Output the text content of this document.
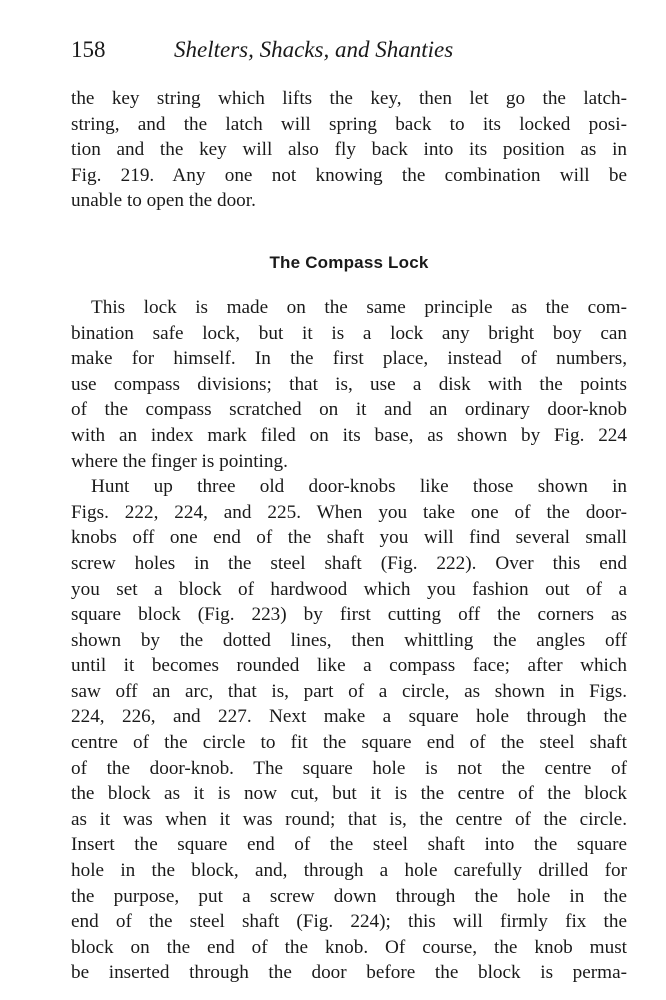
158	Shelters, Shacks, and Shanties
the key string which lifts the key, then let go the latch-
string, and the latch will spring back to its locked posi-
tion and the key will also fly back into its position as in
Fig. 219. Any one not knowing the combination will be
unable to open the door.
The Compass Lock
This lock is made on the same principle as the com-
bination safe lock, but it is a lock any bright boy can
make for himself. In the first place, instead of numbers,
use compass divisions; that is, use a disk with the points
of the compass scratched on it and an ordinary door-knob
with an index mark filed on its base, as shown by Fig. 224
where the finger is pointing.
Hunt up three old door-knobs like those shown in
Figs. 222, 224, and 225. When you take one of the door-
knobs off one end of the shaft you will find several small
screw holes in the steel shaft (Fig. 222). Over this end
you set a block of hardwood which you fashion out of a
square block (Fig. 223) by first cutting off the corners as
shown by the dotted lines, then whittling the angles off
until it becomes rounded like a compass face; after which
saw off an arc, that is, part of a circle, as shown in Figs.
224, 226, and 227. Next make a square hole through the
centre of the circle to fit the square end of the steel shaft
of the door-knob. The square hole is not the centre of
the block as it is now cut, but it is the centre of the block
as it was when it was round; that is, the centre of the circle.
Insert the square end of the steel shaft into the square
hole in the block, and, through a hole carefully drilled for
the purpose, put a screw down through the hole in the
end of the steel shaft (Fig. 224); this will firmly fix the
block on the end of the knob. Of course, the knob must
be inserted through the door before the block is perma-
